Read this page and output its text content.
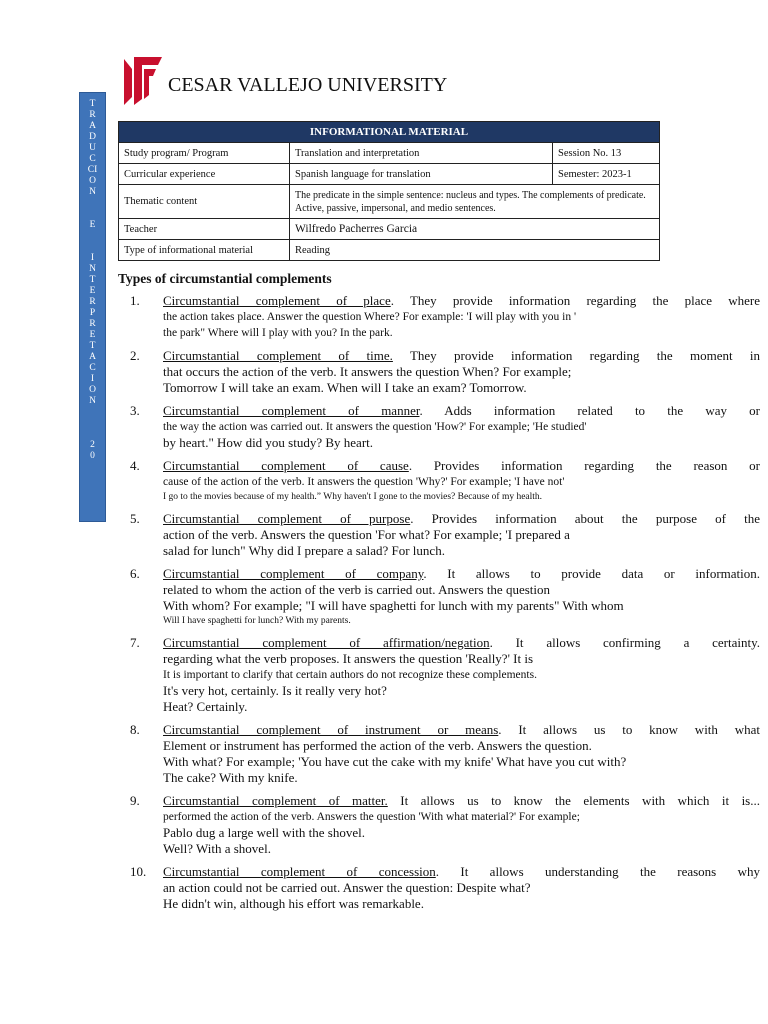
T
R
A
D
U
C
CI
O
N

E

I
N
T
E
R
P
R
E
T
A
C
I
O
N

2
0
CESAR VALLEJO UNIVERSITY
INFORMATIONAL MATERIAL		
Study program/ Program	Translation and interpretation	Session No. 13
Curricular experience	Spanish language for translation	Semester: 2023-1
Thematic content	The predicate in the simple sentence: nucleus and types. The complements of predicate. Active, passive, impersonal, and medio sentences.	
Teacher	Wilfredo Pacherres Garcia	
Type of informational material	Reading	
Types of circumstantial complements
1.	Circumstantial complement of place. They provide information regarding the place where
the action takes place. Answer the question Where? For example: 'I will play with you in '
the park" Where will I play with you? In the park.
2.	Circumstantial complement of time. They provide information regarding the moment in
that occurs the action of the verb. It answers the question When? For example;
Tomorrow I will take an exam. When will I take an exam? Tomorrow.
3.	Circumstantial complement of manner. Adds information related to the way or
the way the action was carried out. It answers the question 'How?' For example; 'He studied'
by heart." How did you study? By heart.
4.	Circumstantial complement of cause. Provides information regarding the reason or
cause of the action of the verb. It answers the question 'Why?' For example; 'I have not'
I go to the movies because of my health.” Why haven't I gone to the movies? Because of my health.
5.	Circumstantial complement of purpose. Provides information about the purpose of the
action of the verb. Answers the question 'For what? For example; 'I prepared a
salad for lunch" Why did I prepare a salad? For lunch.
6.	Circumstantial complement of company. It allows to provide data or information.
related to whom the action of the verb is carried out. Answers the question
With whom? For example; "I will have spaghetti for lunch with my parents" With whom
Will I have spaghetti for lunch? With my parents.
7.	Circumstantial complement of affirmation/negation. It allows confirming a certainty.
regarding what the verb proposes. It answers the question 'Really?' It is
It is important to clarify that certain authors do not recognize these complements.
It's very hot, certainly. Is it really very hot?
Heat? Certainly.
8.	Circumstantial complement of instrument or means. It allows us to know with what
Element or instrument has performed the action of the verb. Answers the question.
With what? For example; 'You have cut the cake with my knife' What have you cut with?
The cake? With my knife.
9.	Circumstantial complement of matter. It allows us to know the elements with which it is...
performed the action of the verb. Answers the question 'With what material?' For example;
Pablo dug a large well with the shovel.
Well? With a shovel.
10.	Circumstantial complement of concession. It allows understanding the reasons why
an action could not be carried out. Answer the question: Despite what?
He didn't win, although his effort was remarkable.
